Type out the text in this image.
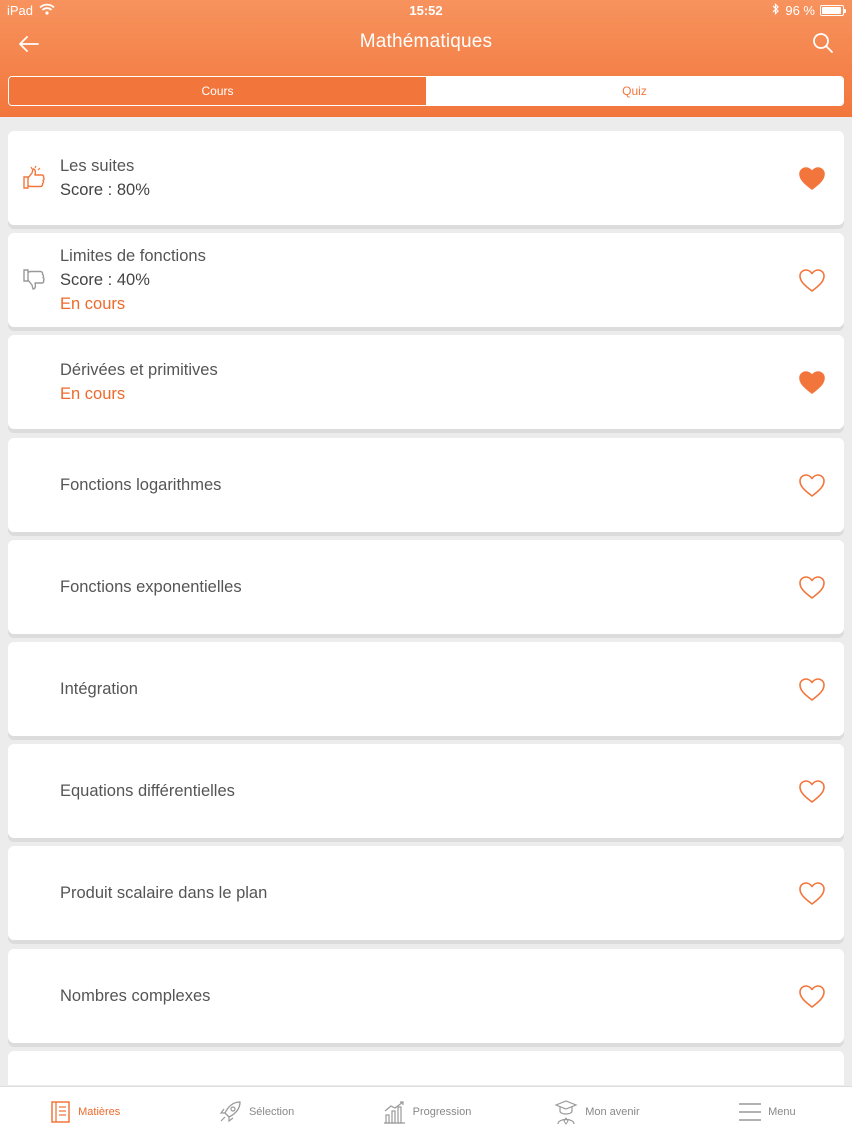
iPad	15:52	96 %
Mathématiques
Cours	Quiz
Les suites
Score : 80%
Limites de fonctions
Score : 40%
En cours
Dérivées et primitives
En cours
Fonctions logarithmes
Fonctions exponentielles
Intégration
Equations différentielles
Produit scalaire dans le plan
Nombres complexes
Matières	Sélection	Progression	Mon avenir	Menu
